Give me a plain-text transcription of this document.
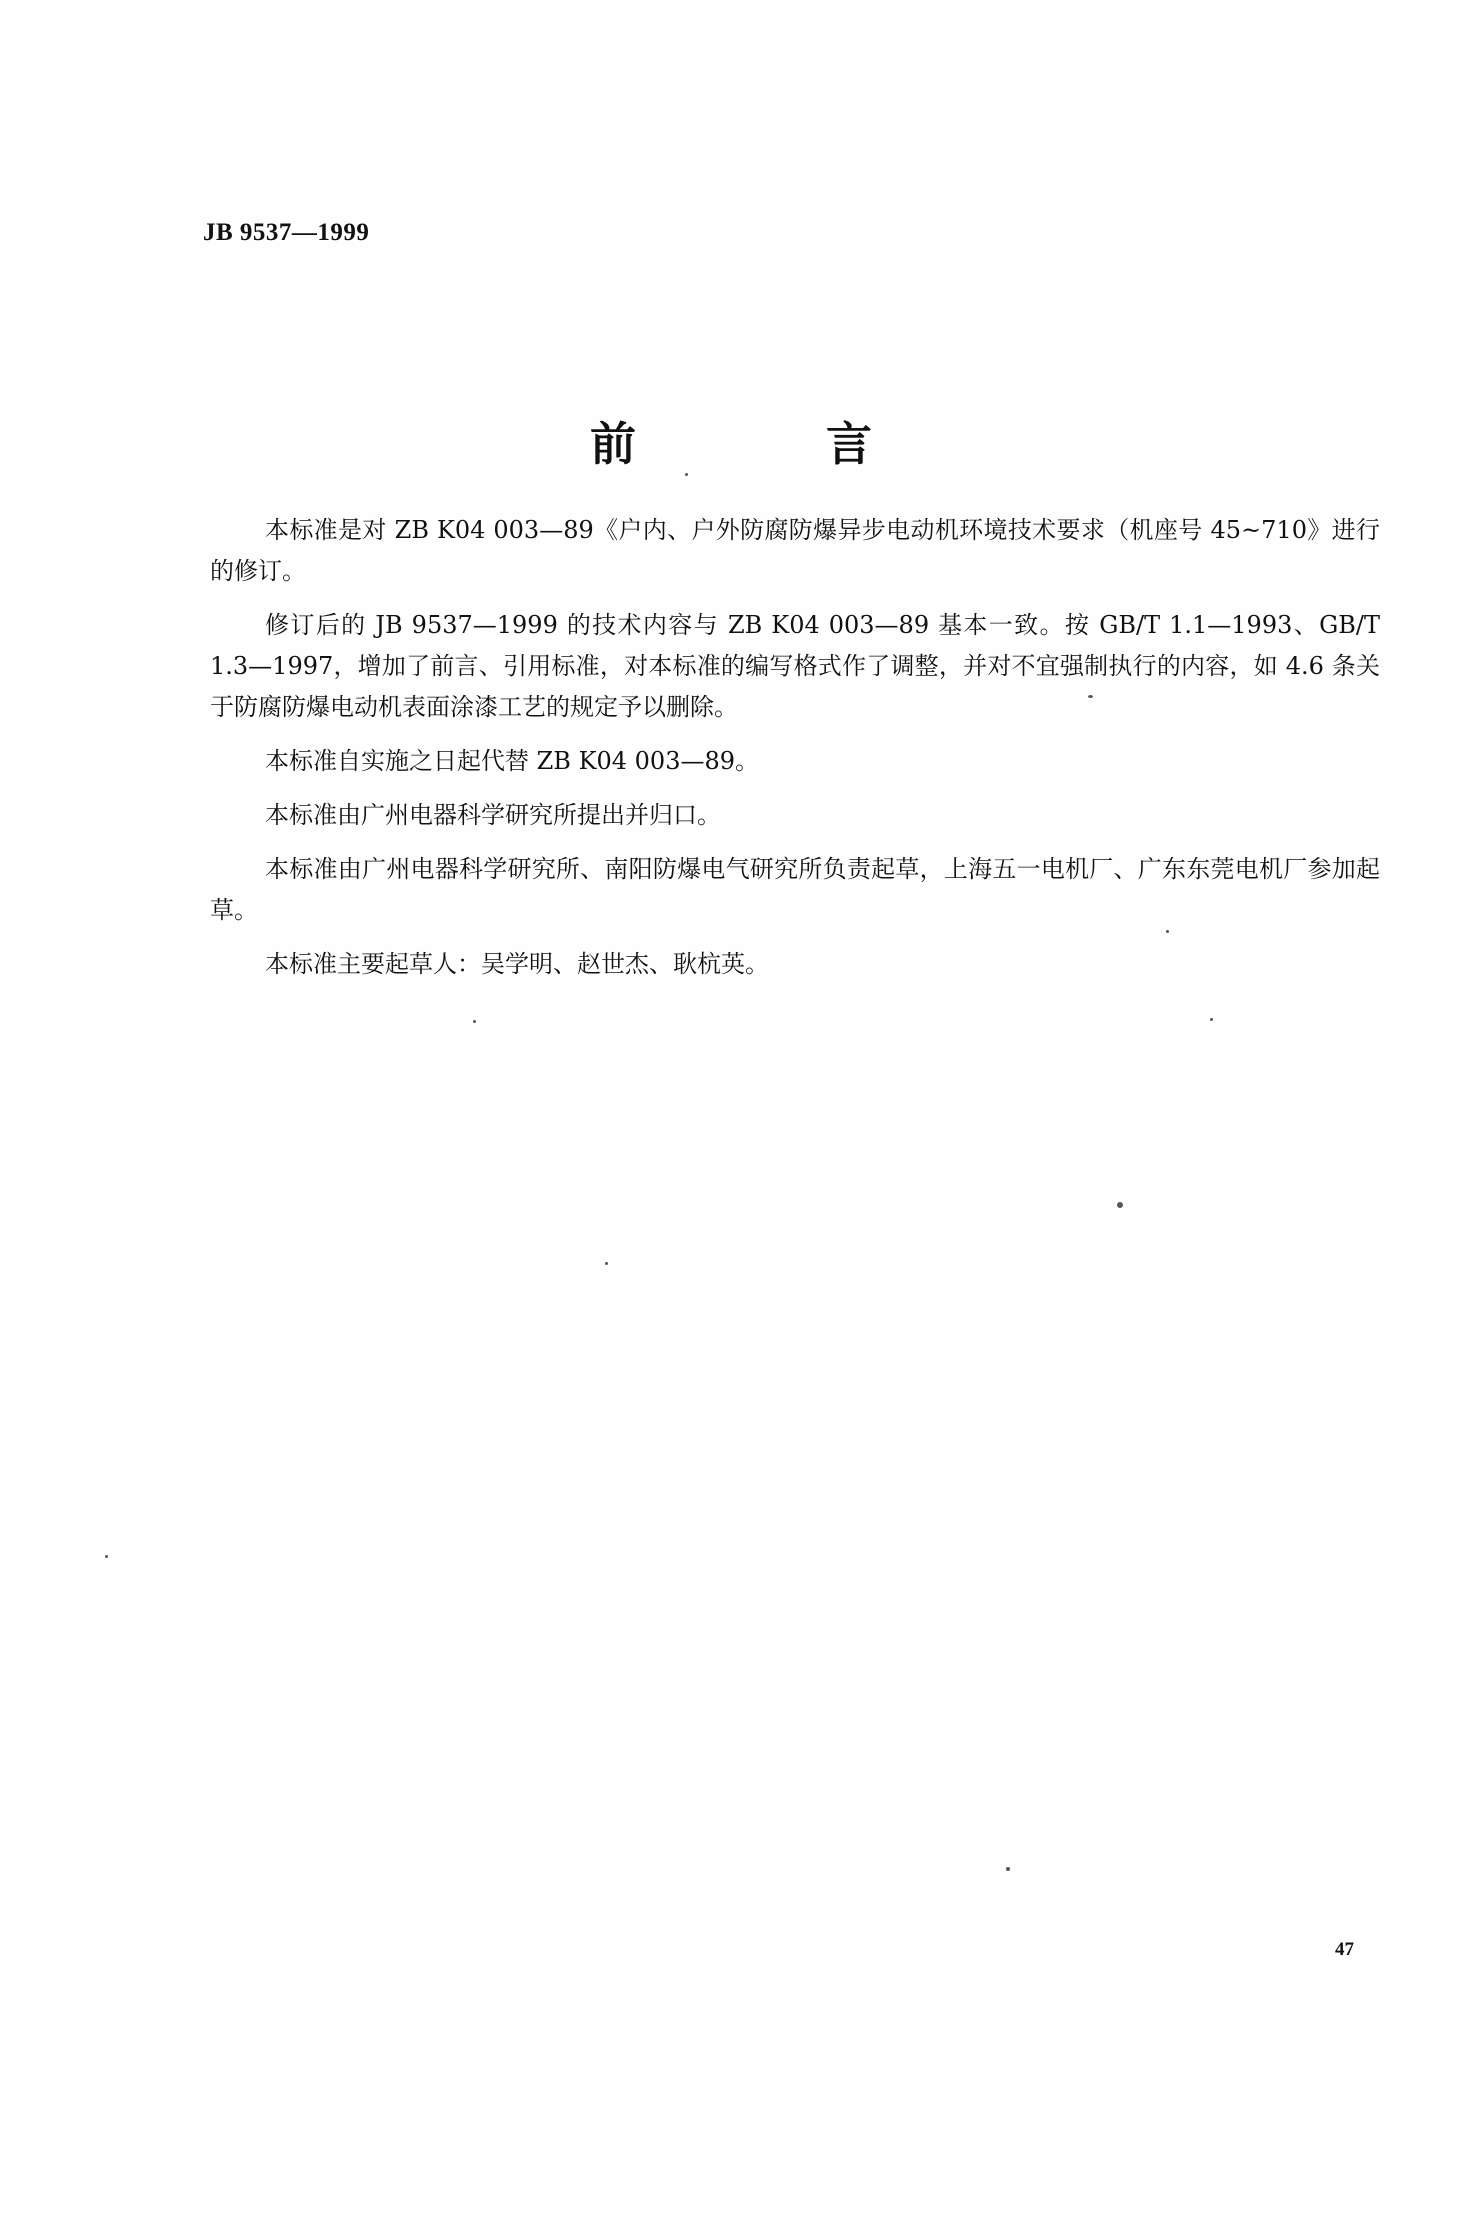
JB 9537—1999
前　言

本标准是对 ZB K04 003—89《户内、户外防腐防爆异步电动机环境技术要求（机座号 45~710》进行的修订。

修订后的 JB 9537—1999 的技术内容与 ZB K04 003—89 基本一致。按 GB/T 1.1—1993、GB/T 1.3—1997，增加了前言、引用标准，对本标准的编写格式作了调整，并对不宜强制执行的内容，如 4.6 条关于防腐防爆电动机表面涂漆工艺的规定予以删除。

本标准自实施之日起代替 ZB K04 003—89。

本标准由广州电器科学研究所提出并归口。

本标准由广州电器科学研究所、南阳防爆电气研究所负责起草，上海五一电机厂、广东东莞电机厂参加起草。

本标准主要起草人：吴学明、赵世杰、耿杭英。

47
